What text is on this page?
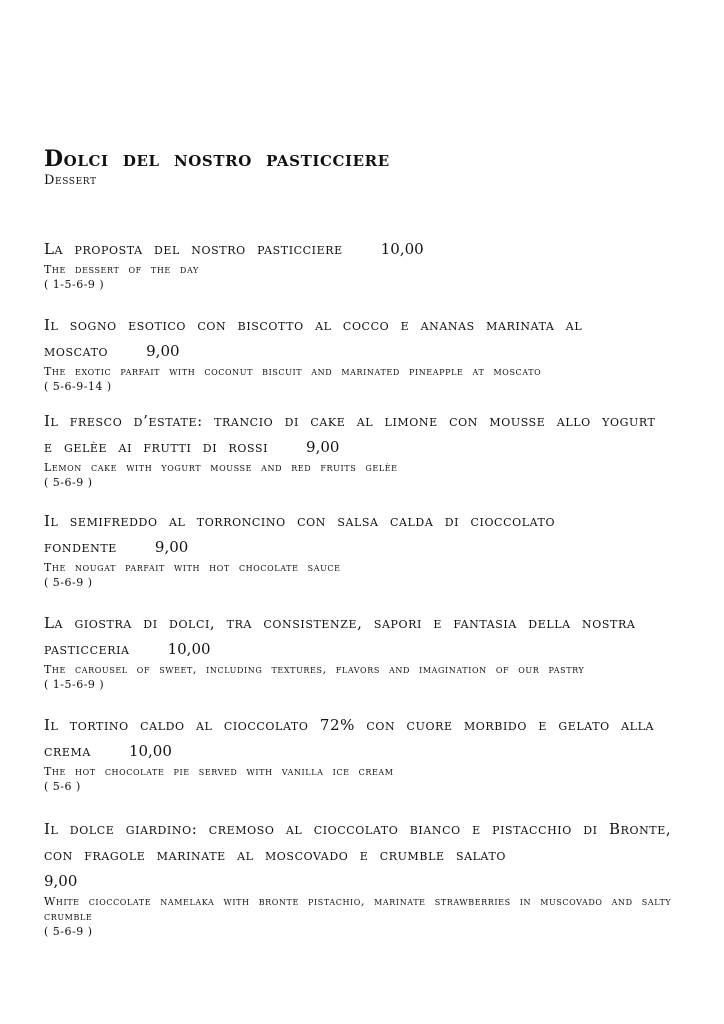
Dolci del nostro pasticciere

Dessert

La proposta del nostro pasticciere	10,00

The dessert of the day

( 1-5-6-9 )

Il sogno esotico con biscotto al cocco e ananas marinata al moscato	9,00

The exotic parfait with coconut biscuit and marinated pineapple at moscato

( 5-6-9-14 )

Il fresco d’estate: trancio di cake al limone con mousse allo yogurt e gelèe ai frutti di rossi	9,00

Lemon cake with yogurt mousse and red fruits gelèe

( 5-6-9 )

Il semifreddo al torroncino con salsa calda di cioccolato fondente	9,00

The nougat parfait with hot chocolate sauce

( 5-6-9 )

La giostra di dolci, tra consistenze, sapori e fantasia della nostra pasticceria	10,00

The carousel of sweet, including textures, flavors and imagination of our pastry

( 1-5-6-9 )

Il tortino caldo al cioccolato 72% con cuore morbido e gelato alla crema	10,00

The hot chocolate pie served with vanilla ice cream

( 5-6 )

Il dolce giardino: cremoso al cioccolato bianco e pistacchio di Bronte, con fragole marinate al moscovado e crumble salato
9,00

White cioccolate namelaka with bronte pistachio, marinate strawberries in muscovado and salty crumble

( 5-6-9 )
